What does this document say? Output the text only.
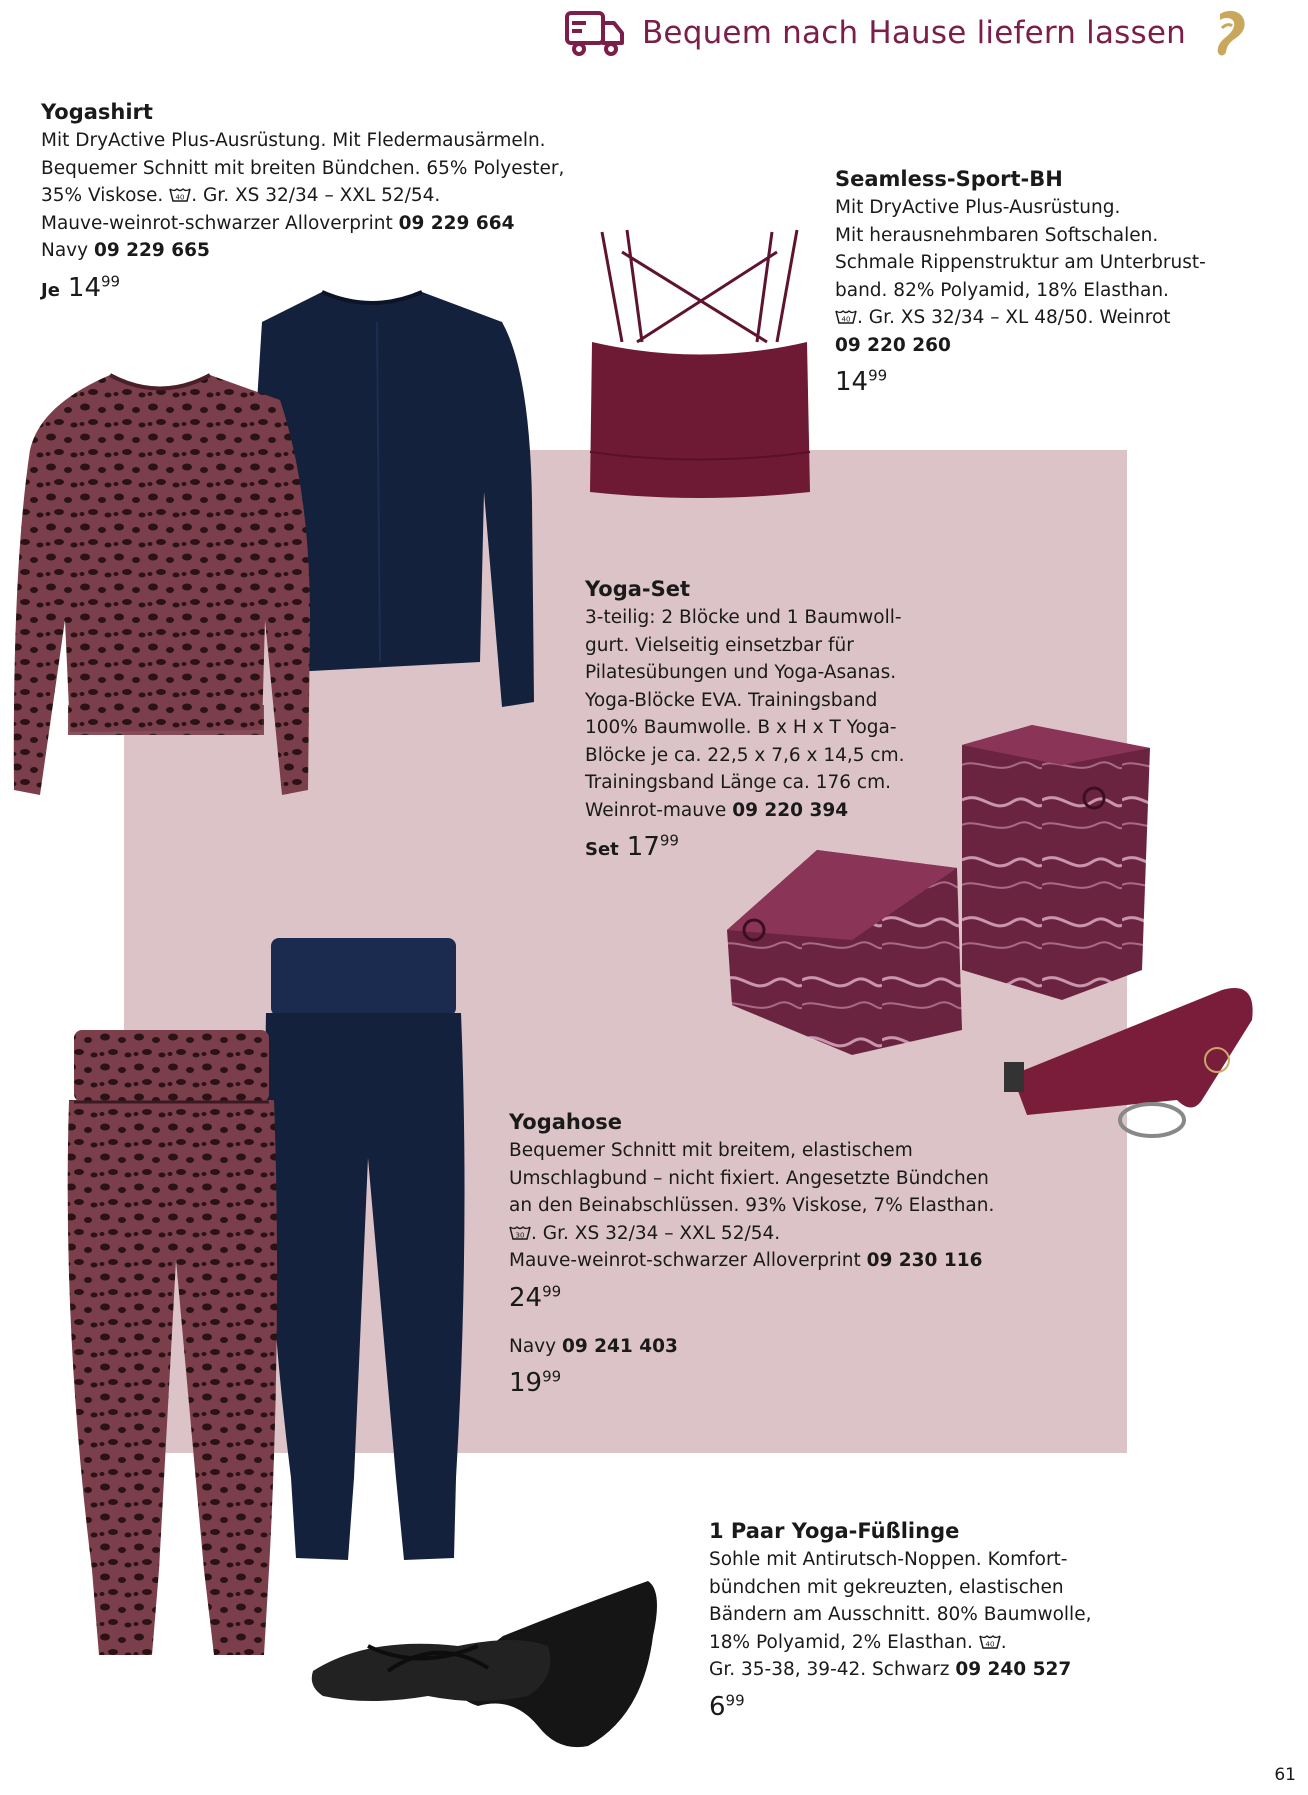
Bequem nach Hause liefern lassen
Yogashirt

Mit DryActive Plus-Ausrüstung. Mit Fledermausärmeln.

Bequemer Schnitt mit breiten Bündchen. 65% Polyester,

35% Viskose. 40 . Gr. XS 32/34 – XXL 52/54.

Mauve-weinrot-schwarzer Alloverprint 09 229 664

Navy 09 229 665

Je $14^{99}$
Seamless-Sport-BH

Mit DryActive Plus-Ausrüstung.

Mit herausnehmbaren Softschalen.

Schmale Rippenstruktur am Unterbrust-

band. 82% Polyamid, 18% Elasthan.

40 . Gr. XS 32/34 – XL 48/50. Weinrot

09 220 260

$14^{99}$
Yoga-Set

3-teilig: 2 Blöcke und 1 Baumwoll-

gurt. Vielseitig einsetzbar für

Pilatesübungen und Yoga-Asanas.

Yoga-Blöcke EVA. Trainingsband

100% Baumwolle. B x H x T Yoga-

Blöcke je ca. 22,5 x 7,6 x 14,5 cm.

Trainingsband Länge ca. 176 cm.

Weinrot-mauve 09 220 394

Set $17^{99}$
Yogahose

Bequemer Schnitt mit breitem, elastischem

Umschlagbund – nicht fixiert. Angesetzte Bündchen

an den Beinabschlüssen. 93% Viskose, 7% Elasthan.

30 . Gr. XS 32/34 – XXL 52/54.

Mauve-weinrot-schwarzer Alloverprint 09 230 116

$24^{99}$

Navy 09 241 403

$19^{99}$
1 Paar Yoga-Füßlinge

Sohle mit Antirutsch-Noppen. Komfort-

bündchen mit gekreuzten, elastischen

Bändern am Ausschnitt. 80% Baumwolle,

18% Polyamid, 2% Elasthan. 40 .

Gr. 35-38, 39-42. Schwarz 09 240 527

$6^{99}$
61
